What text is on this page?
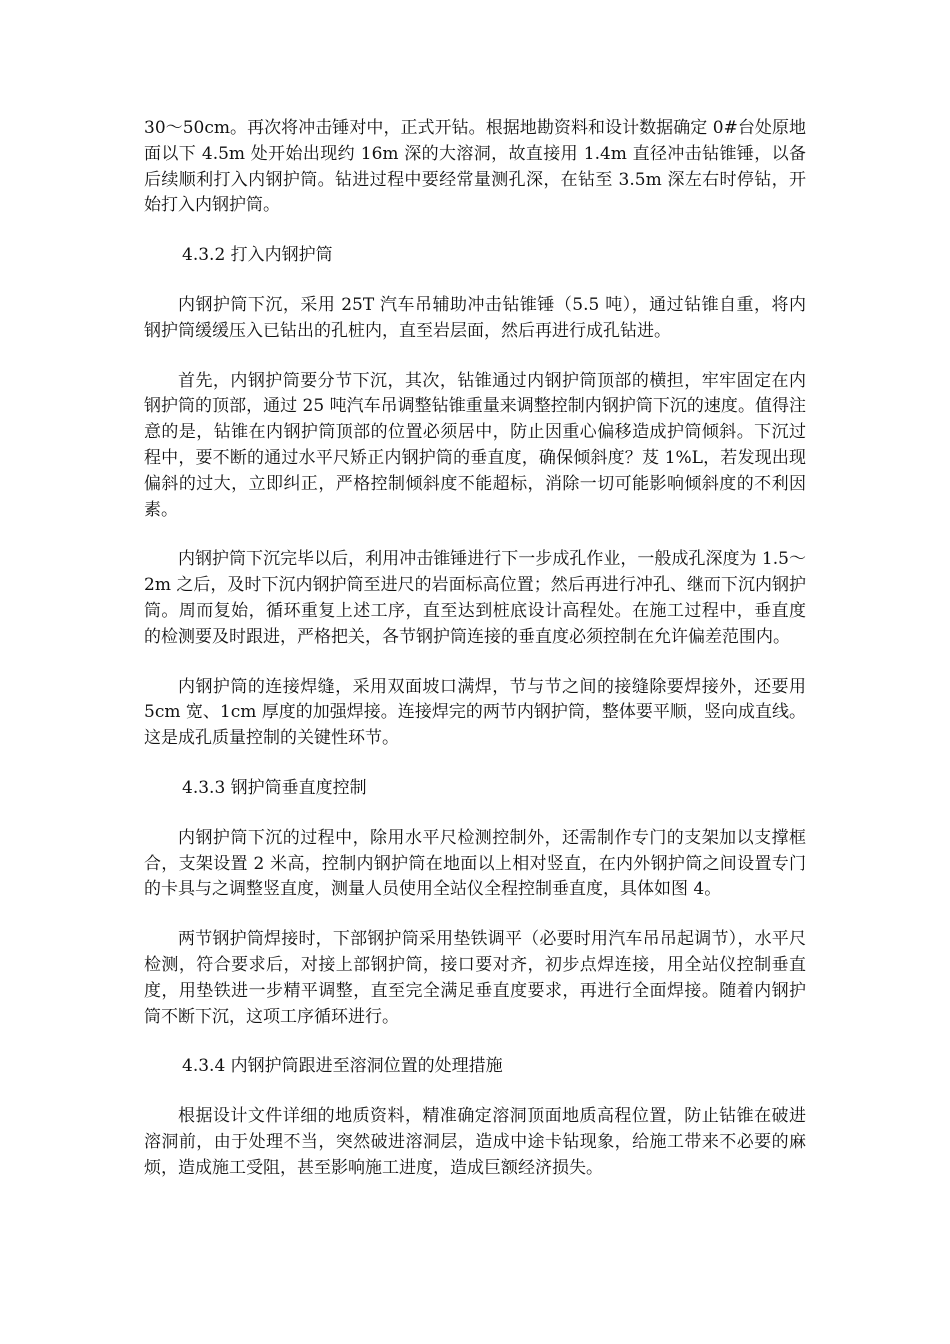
30～50cm。再次将冲击锤对中，正式开钻。根据地勘资料和设计数据确定 0#台处原地面以下 4.5m 处开始出现约 16m 深的大溶洞，故直接用 1.4m 直径冲击钻锥锤，以备后续顺利打入内钢护筒。钻进过程中要经常量测孔深，在钻至 3.5m 深左右时停钻，开始打入内钢护筒。

4.3.2 打入内钢护筒

内钢护筒下沉，采用 25T 汽车吊辅助冲击钻锥锤（5.5 吨），通过钻锥自重，将内钢护筒缓缓压入已钻出的孔桩内，直至岩层面，然后再进行成孔钻进。

首先，内钢护筒要分节下沉，其次，钻锥通过内钢护筒顶部的横担，牢牢固定在内钢护筒的顶部，通过 25 吨汽车吊调整钻锥重量来调整控制内钢护筒下沉的速度。值得注意的是，钻锥在内钢护筒顶部的位置必须居中，防止因重心偏移造成护筒倾斜。下沉过程中，要不断的通过水平尺矫正内钢护筒的垂直度，确保倾斜度？芨 1%L，若发现出现偏斜的过大，立即纠正，严格控制倾斜度不能超标，消除一切可能影响倾斜度的不利因素。

内钢护筒下沉完毕以后，利用冲击锥锤进行下一步成孔作业，一般成孔深度为 1.5～2m 之后，及时下沉内钢护筒至进尺的岩面标高位置；然后再进行冲孔、继而下沉内钢护筒。周而复始，循环重复上述工序，直至达到桩底设计高程处。在施工过程中，垂直度的检测要及时跟进，严格把关，各节钢护筒连接的垂直度必须控制在允许偏差范围内。

内钢护筒的连接焊缝，采用双面坡口满焊，节与节之间的接缝除要焊接外，还要用 5cm 宽、1cm 厚度的加强焊接。连接焊完的两节内钢护筒，整体要平顺，竖向成直线。这是成孔质量控制的关键性环节。

4.3.3 钢护筒垂直度控制

内钢护筒下沉的过程中，除用水平尺检测控制外，还需制作专门的支架加以支撑框合，支架设置 2 米高，控制内钢护筒在地面以上相对竖直，在内外钢护筒之间设置专门的卡具与之调整竖直度，测量人员使用全站仪全程控制垂直度，具体如图 4。

两节钢护筒焊接时，下部钢护筒采用垫铁调平（必要时用汽车吊吊起调节），水平尺检测，符合要求后，对接上部钢护筒，接口要对齐，初步点焊连接，用全站仪控制垂直度，用垫铁进一步精平调整，直至完全满足垂直度要求，再进行全面焊接。随着内钢护筒不断下沉，这项工序循环进行。

4.3.4 内钢护筒跟进至溶洞位置的处理措施

根据设计文件详细的地质资料，精准确定溶洞顶面地质高程位置，防止钻锥在破进溶洞前，由于处理不当，突然破进溶洞层，造成中途卡钻现象，给施工带来不必要的麻烦，造成施工受阻，甚至影响施工进度，造成巨额经济损失。
